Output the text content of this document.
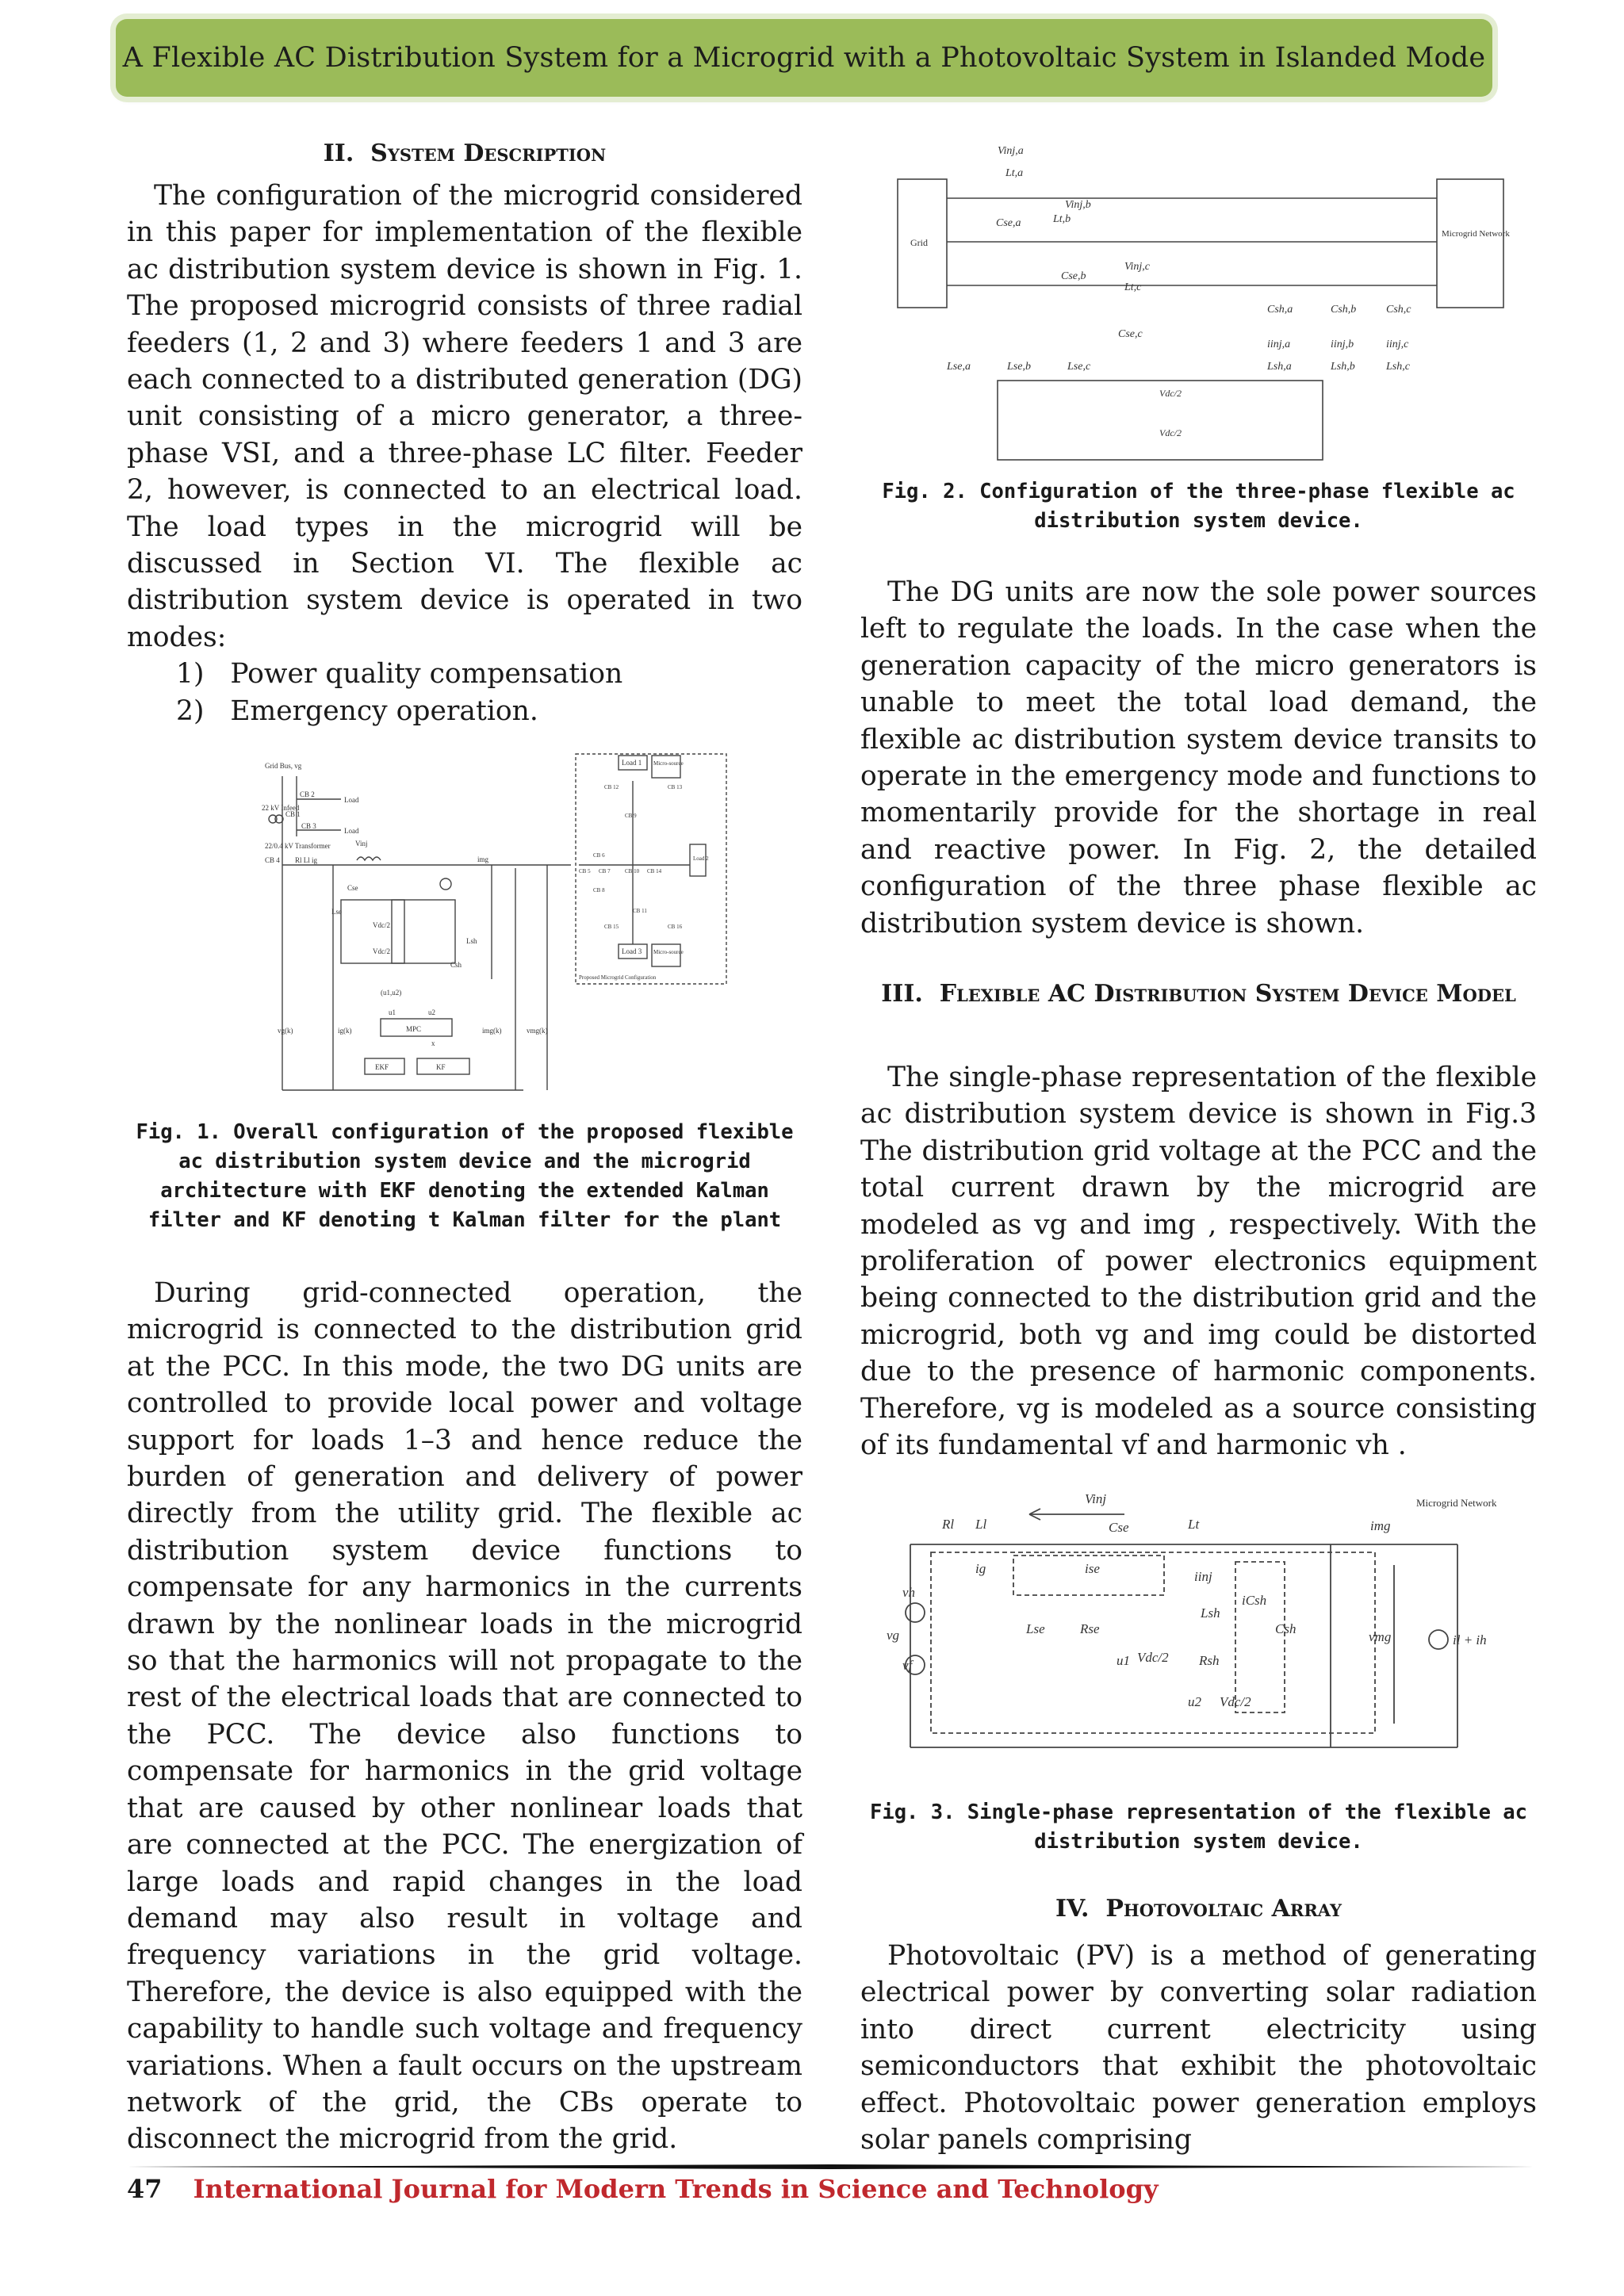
A Flexible AC Distribution System for a Microgrid with a Photovoltaic System in Islanded Mode

II. System Description

The configuration of the microgrid considered in this paper for implementation of the flexible ac distribution system device is shown in Fig. 1. The proposed microgrid consists of three radial feeders (1, 2 and 3) where feeders 1 and 3 are each connected to a distributed generation (DG) unit consisting of a micro generator, a three-phase VSI, and a three-phase LC filter. Feeder 2, however, is connected to an electrical load. The load types in the microgrid will be discussed in Section VI. The flexible ac distribution system device is operated in two modes:

1) Power quality compensation
2) Emergency operation.
Grid Bus, vg
22 kV Infeed
22/0.4 kV Transformer
CB 2
CB 3
Load
Load
CB 1
CB 4 Rl Ll ig
Vinj
Cse
Lse
Vdc/2
Vdc/2
Lsh
Csh
img
(u1,u2)
u1	u2
MPC
x
EKF	KF
vg(k)	ig(k)	img(k)	vmg(k)
Load 1 Micro-source
CB 12	CB 13
CB 9
CB 6
CB 5 CB 7	CB 10 CB 14
CB 8
CB 11
CB 15	CB 16
Load 3 Micro-source
Load 2
Proposed Microgrid Configuration

Fig. 1. Overall configuration of the proposed flexible ac distribution system device and the microgrid architecture with EKF denoting the extended Kalman filter and KF denoting t Kalman filter for the plant

During grid-connected operation, the microgrid is connected to the distribution grid at the PCC. In this mode, the two DG units are controlled to provide local power and voltage support for loads 1–3 and hence reduce the burden of generation and delivery of power directly from the utility grid. The flexible ac distribution system device functions to compensate for any harmonics in the currents drawn by the nonlinear loads in the microgrid so that the harmonics will not propagate to the rest of the electrical loads that are connected to the PCC. The device also functions to compensate for harmonics in the grid voltage that are caused by other nonlinear loads that are connected at the PCC. The energization of large loads and rapid changes in the load demand may also result in voltage and frequency variations in the grid voltage. Therefore, the device is also equipped with the capability to handle such voltage and frequency variations. When a fault occurs on the upstream network of the grid, the CBs operate to disconnect the microgrid from the grid.

Grid
Microgrid Network
Vinj,a
Lt,a
Cse,a
Vinj,b
Lt,b
Cse,b
Vinj,c
Lt,c
Cse,c
Csh,a	Csh,b	Csh,c
iinj,a	iinj,b	iinj,c
Lsh,a	Lsh,b	Lsh,c
Lse,a	Lse,b	Lse,c
Vdc/2
Vdc/2

Fig. 2. Configuration of the three-phase flexible ac distribution system device.

The DG units are now the sole power sources left to regulate the loads. In the case when the generation capacity of the micro generators is unable to meet the total load demand, the flexible ac distribution system device transits to operate in the emergency mode and functions to momentarily provide for the shortage in real and reactive power. In Fig. 2, the detailed configuration of the three phase flexible ac distribution system device is shown.

III. Flexible AC Distribution System Device Model

The single-phase representation of the flexible ac distribution system device is shown in Fig.3 The distribution grid voltage at the PCC and the total current drawn by the microgrid are modeled as vg and img , respectively. With the proliferation of power electronics equipment being connected to the distribution grid and the microgrid, both vg and img could be distorted due to the presence of harmonic components. Therefore, vg is modeled as a source consisting of its fundamental vf and harmonic vh .

Vinj
Rl Ll	Cse	Lt	img
Microgrid Network
ig	ise
Lse	Rse
u1 Vdc/2
iinj
iCsh
Lsh
Rsh
Csh
u2 Vdc/2
vh
vf
vg	vmg	il + ih

Fig. 3. Single-phase representation of the flexible ac distribution system device.

IV. Photovoltaic Array

Photovoltaic (PV) is a method of generating electrical power by converting solar radiation into direct current electricity using semiconductors that exhibit the photovoltaic effect. Photovoltaic power generation employs solar panels comprising

47 International Journal for Modern Trends in Science and Technology
